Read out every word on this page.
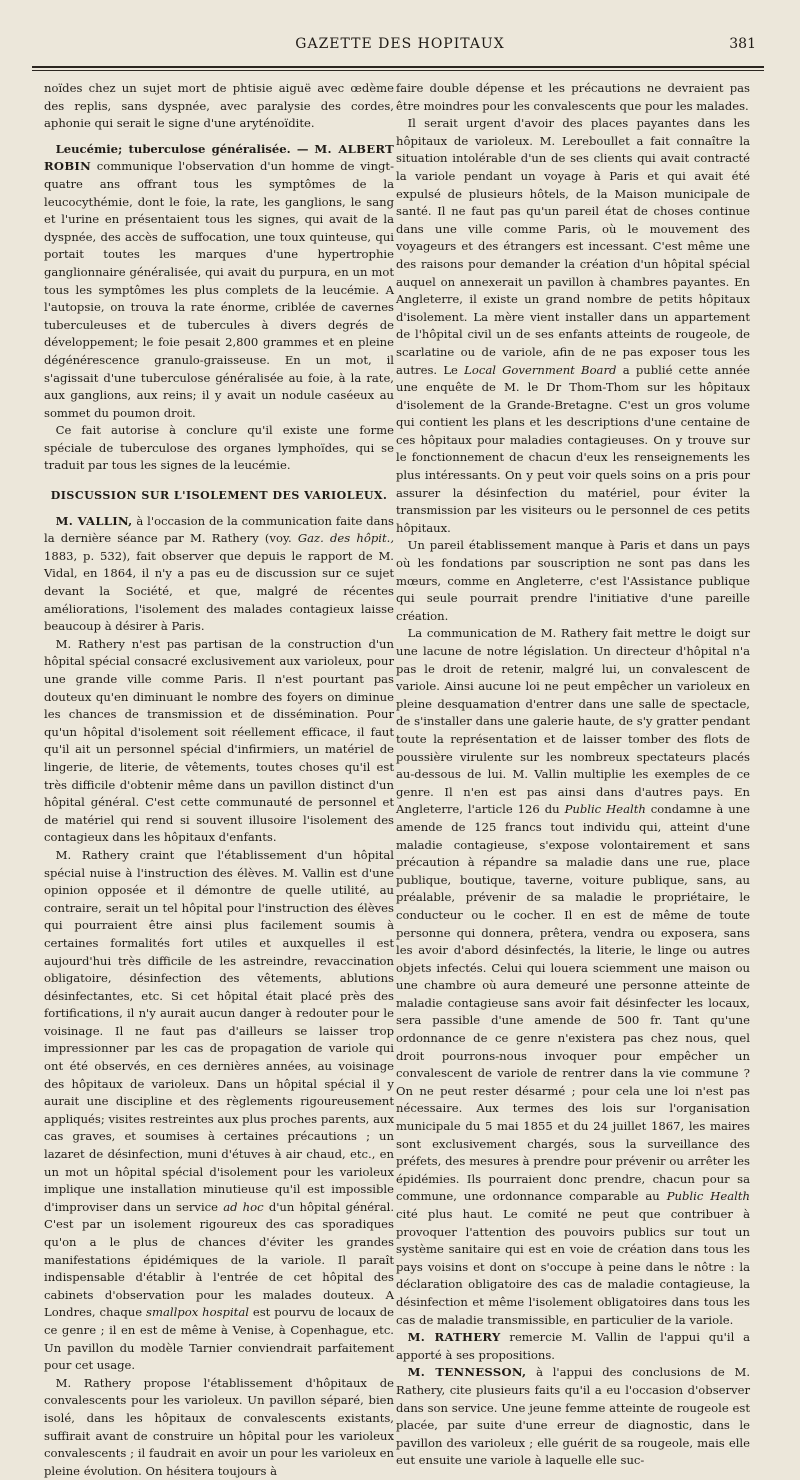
GAZETTE DES HOPITAUX	381

noïdes chez un sujet mort de phtisie aiguë avec œdème des replis, sans dyspnée, avec paralysie des cordes, aphonie qui serait le signe d'une aryténoïdite.

Leucémie; tuberculose généralisée. — M. ALBERT ROBIN communique l'observation d'un homme de vingt-quatre ans offrant tous les symptômes de la leucocythémie, dont le foie, la rate, les ganglions, le sang et l'urine en présentaient tous les signes, qui avait de la dyspnée, des accès de suffocation, une toux quinteuse, qui portait toutes les marques d'une hypertrophie ganglionnaire généralisée, qui avait du purpura, en un mot tous les symptômes les plus complets de la leucémie. A l'autopsie, on trouva la rate énorme, criblée de cavernes tuberculeuses et de tubercules à divers degrés de développement; le foie pesait 2,800 grammes et en pleine dégénérescence granulo-graisseuse. En un mot, il s'agissait d'une tuberculose généralisée au foie, à la rate, aux ganglions, aux reins; il y avait un nodule caséeux au sommet du poumon droit.

Ce fait autorise à conclure qu'il existe une forme spéciale de tuberculose des organes lymphoïdes, qui se traduit par tous les signes de la leucémie.

DISCUSSION SUR L'ISOLEMENT DES VARIOLEUX.

M. VALLIN, à l'occasion de la communication faite dans la dernière séance par M. Rathery (voy. Gaz. des hôpit., 1883, p. 532), fait observer que depuis le rapport de M. Vidal, en 1864, il n'y a pas eu de discussion sur ce sujet devant la Société, et que, malgré de récentes améliorations, l'isolement des malades contagieux laisse beaucoup à désirer à Paris.

M. Rathery n'est pas partisan de la construction d'un hôpital spécial consacré exclusivement aux varioleux, pour une grande ville comme Paris. Il n'est pourtant pas douteux qu'en diminuant le nombre des foyers on diminue les chances de transmission et de dissémination. Pour qu'un hôpital d'isolement soit réellement efficace, il faut qu'il ait un personnel spécial d'infirmiers, un matériel de lingerie, de literie, de vêtements, toutes choses qu'il est très difficile d'obtenir même dans un pavillon distinct d'un hôpital général. C'est cette communauté de personnel et de matériel qui rend si souvent illusoire l'isolement des contagieux dans les hôpitaux d'enfants.

M. Rathery craint que l'établissement d'un hôpital spécial nuise à l'instruction des élèves. M. Vallin est d'une opinion opposée et il démontre de quelle utilité, au contraire, serait un tel hôpital pour l'instruction des élèves qui pourraient être ainsi plus facilement soumis à certaines formalités fort utiles et auxquelles il est aujourd'hui très difficile de les astreindre, revaccination obligatoire, désinfection des vêtements, ablutions désinfectantes, etc. Si cet hôpital était placé près des fortifications, il n'y aurait aucun danger à redouter pour le voisinage. Il ne faut pas d'ailleurs se laisser trop impressionner par les cas de propagation de variole qui ont été observés, en ces dernières années, au voisinage des hôpitaux de varioleux. Dans un hôpital spécial il y aurait une discipline et des règlements rigoureusement appliqués; visites restreintes aux plus proches parents, aux cas graves, et soumises à certaines précautions ; un lazaret de désinfection, muni d'étuves à air chaud, etc., en un mot un hôpital spécial d'isolement pour les varioleux implique une installation minutieuse qu'il est impossible d'improviser dans un service ad hoc d'un hôpital général. C'est par un isolement rigoureux des cas sporadiques qu'on a le plus de chances d'éviter les grandes manifestations épidémiques de la variole. Il paraît indispensable d'établir à l'entrée de cet hôpital des cabinets d'observation pour les malades douteux. A Londres, chaque smallpox hospital est pourvu de locaux de ce genre ; il en est de même à Venise, à Copenhague, etc. Un pavillon du modèle Tarnier conviendrait parfaitement pour cet usage.

M. Rathery propose l'établissement d'hôpitaux de convalescents pour les varioleux. Un pavillon séparé, bien isolé, dans les hôpitaux de convalescents existants, suffirait avant de construire un hôpital pour les varioleux convalescents ; il faudrait en avoir un pour les varioleux en pleine évolution. On hésitera toujours à

faire double dépense et les précautions ne devraient pas être moindres pour les convalescents que pour les malades.

Il serait urgent d'avoir des places payantes dans les hôpitaux de varioleux. M. Lereboullet a fait connaître la situation intolérable d'un de ses clients qui avait contracté la variole pendant un voyage à Paris et qui avait été expulsé de plusieurs hôtels, de la Maison municipale de santé. Il ne faut pas qu'un pareil état de choses continue dans une ville comme Paris, où le mouvement des voyageurs et des étrangers est incessant. C'est même une des raisons pour demander la création d'un hôpital spécial auquel on annexerait un pavillon à chambres payantes. En Angleterre, il existe un grand nombre de petits hôpitaux d'isolement. La mère vient installer dans un appartement de l'hôpital civil un de ses enfants atteints de rougeole, de scarlatine ou de variole, afin de ne pas exposer tous les autres. Le Local Government Board a publié cette année une enquête de M. le Dr Thom-Thom sur les hôpitaux d'isolement de la Grande-Bretagne. C'est un gros volume qui contient les plans et les descriptions d'une centaine de ces hôpitaux pour maladies contagieuses. On y trouve sur le fonctionnement de chacun d'eux les renseignements les plus intéressants. On y peut voir quels soins on a pris pour assurer la désinfection du matériel, pour éviter la transmission par les visiteurs ou le personnel de ces petits hôpitaux.

Un pareil établissement manque à Paris et dans un pays où les fondations par souscription ne sont pas dans les mœurs, comme en Angleterre, c'est l'Assistance publique qui seule pourrait prendre l'initiative d'une pareille création.

La communication de M. Rathery fait mettre le doigt sur une lacune de notre législation. Un directeur d'hôpital n'a pas le droit de retenir, malgré lui, un convalescent de variole. Ainsi aucune loi ne peut empêcher un varioleux en pleine desquamation d'entrer dans une salle de spectacle, de s'installer dans une galerie haute, de s'y gratter pendant toute la représentation et de laisser tomber des flots de poussière virulente sur les nombreux spectateurs placés au-dessous de lui. M. Vallin multiplie les exemples de ce genre. Il n'en est pas ainsi dans d'autres pays. En Angleterre, l'article 126 du Public Health condamne à une amende de 125 francs tout individu qui, atteint d'une maladie contagieuse, s'expose volontairement et sans précaution à répandre sa maladie dans une rue, place publique, boutique, taverne, voiture publique, sans, au préalable, prévenir de sa maladie le propriétaire, le conducteur ou le cocher. Il en est de même de toute personne qui donnera, prêtera, vendra ou exposera, sans les avoir d'abord désinfectés, la literie, le linge ou autres objets infectés. Celui qui louera sciemment une maison ou une chambre où aura demeuré une personne atteinte de maladie contagieuse sans avoir fait désinfecter les locaux, sera passible d'une amende de 500 fr. Tant qu'une ordonnance de ce genre n'existera pas chez nous, quel droit pourrons-nous invoquer pour empêcher un convalescent de variole de rentrer dans la vie commune ? On ne peut rester désarmé ; pour cela une loi n'est pas nécessaire. Aux termes des lois sur l'organisation municipale du 5 mai 1855 et du 24 juillet 1867, les maires sont exclusivement chargés, sous la surveillance des préfets, des mesures à prendre pour prévenir ou arrêter les épidémies. Ils pourraient donc prendre, chacun pour sa commune, une ordonnance comparable au Public Health cité plus haut. Le comité ne peut que contribuer à provoquer l'attention des pouvoirs publics sur tout un système sanitaire qui est en voie de création dans tous les pays voisins et dont on s'occupe à peine dans le nôtre : la déclaration obligatoire des cas de maladie contagieuse, la désinfection et même l'isolement obligatoires dans tous les cas de maladie transmissible, en particulier de la variole.

M. RATHERY remercie M. Vallin de l'appui qu'il a apporté à ses propositions.

M. TENNESSON, à l'appui des conclusions de M. Rathery, cite plusieurs faits qu'il a eu l'occasion d'observer dans son service. Une jeune femme atteinte de rougeole est placée, par suite d'une erreur de diagnostic, dans le pavillon des varioleux ; elle guérit de sa rougeole, mais elle eut ensuite une variole à laquelle elle suc-
